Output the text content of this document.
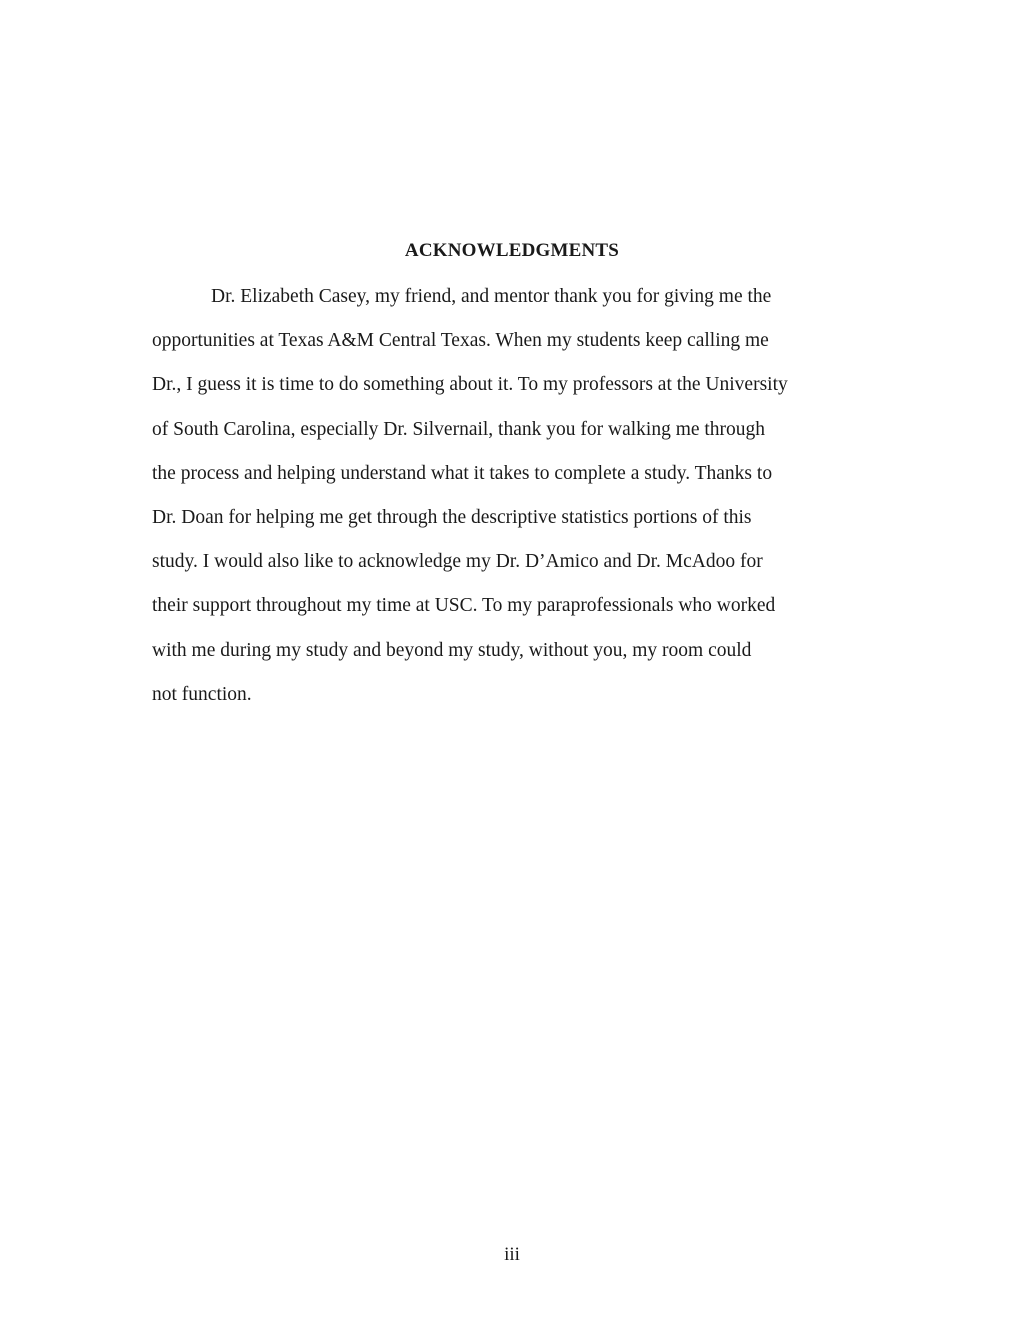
ACKNOWLEDGMENTS
Dr. Elizabeth Casey, my friend, and mentor thank you for giving me the
opportunities at Texas A&M Central Texas. When my students keep calling me
Dr., I guess it is time to do something about it. To my professors at the University
of South Carolina, especially Dr. Silvernail, thank you for walking me through
the process and helping understand what it takes to complete a study. Thanks to
Dr. Doan for helping me get through the descriptive statistics portions of this
study. I would also like to acknowledge my Dr. D’Amico and Dr. McAdoo for
their support throughout my time at USC. To my paraprofessionals who worked
with me during my study and beyond my study, without you, my room could
not function.
iii
